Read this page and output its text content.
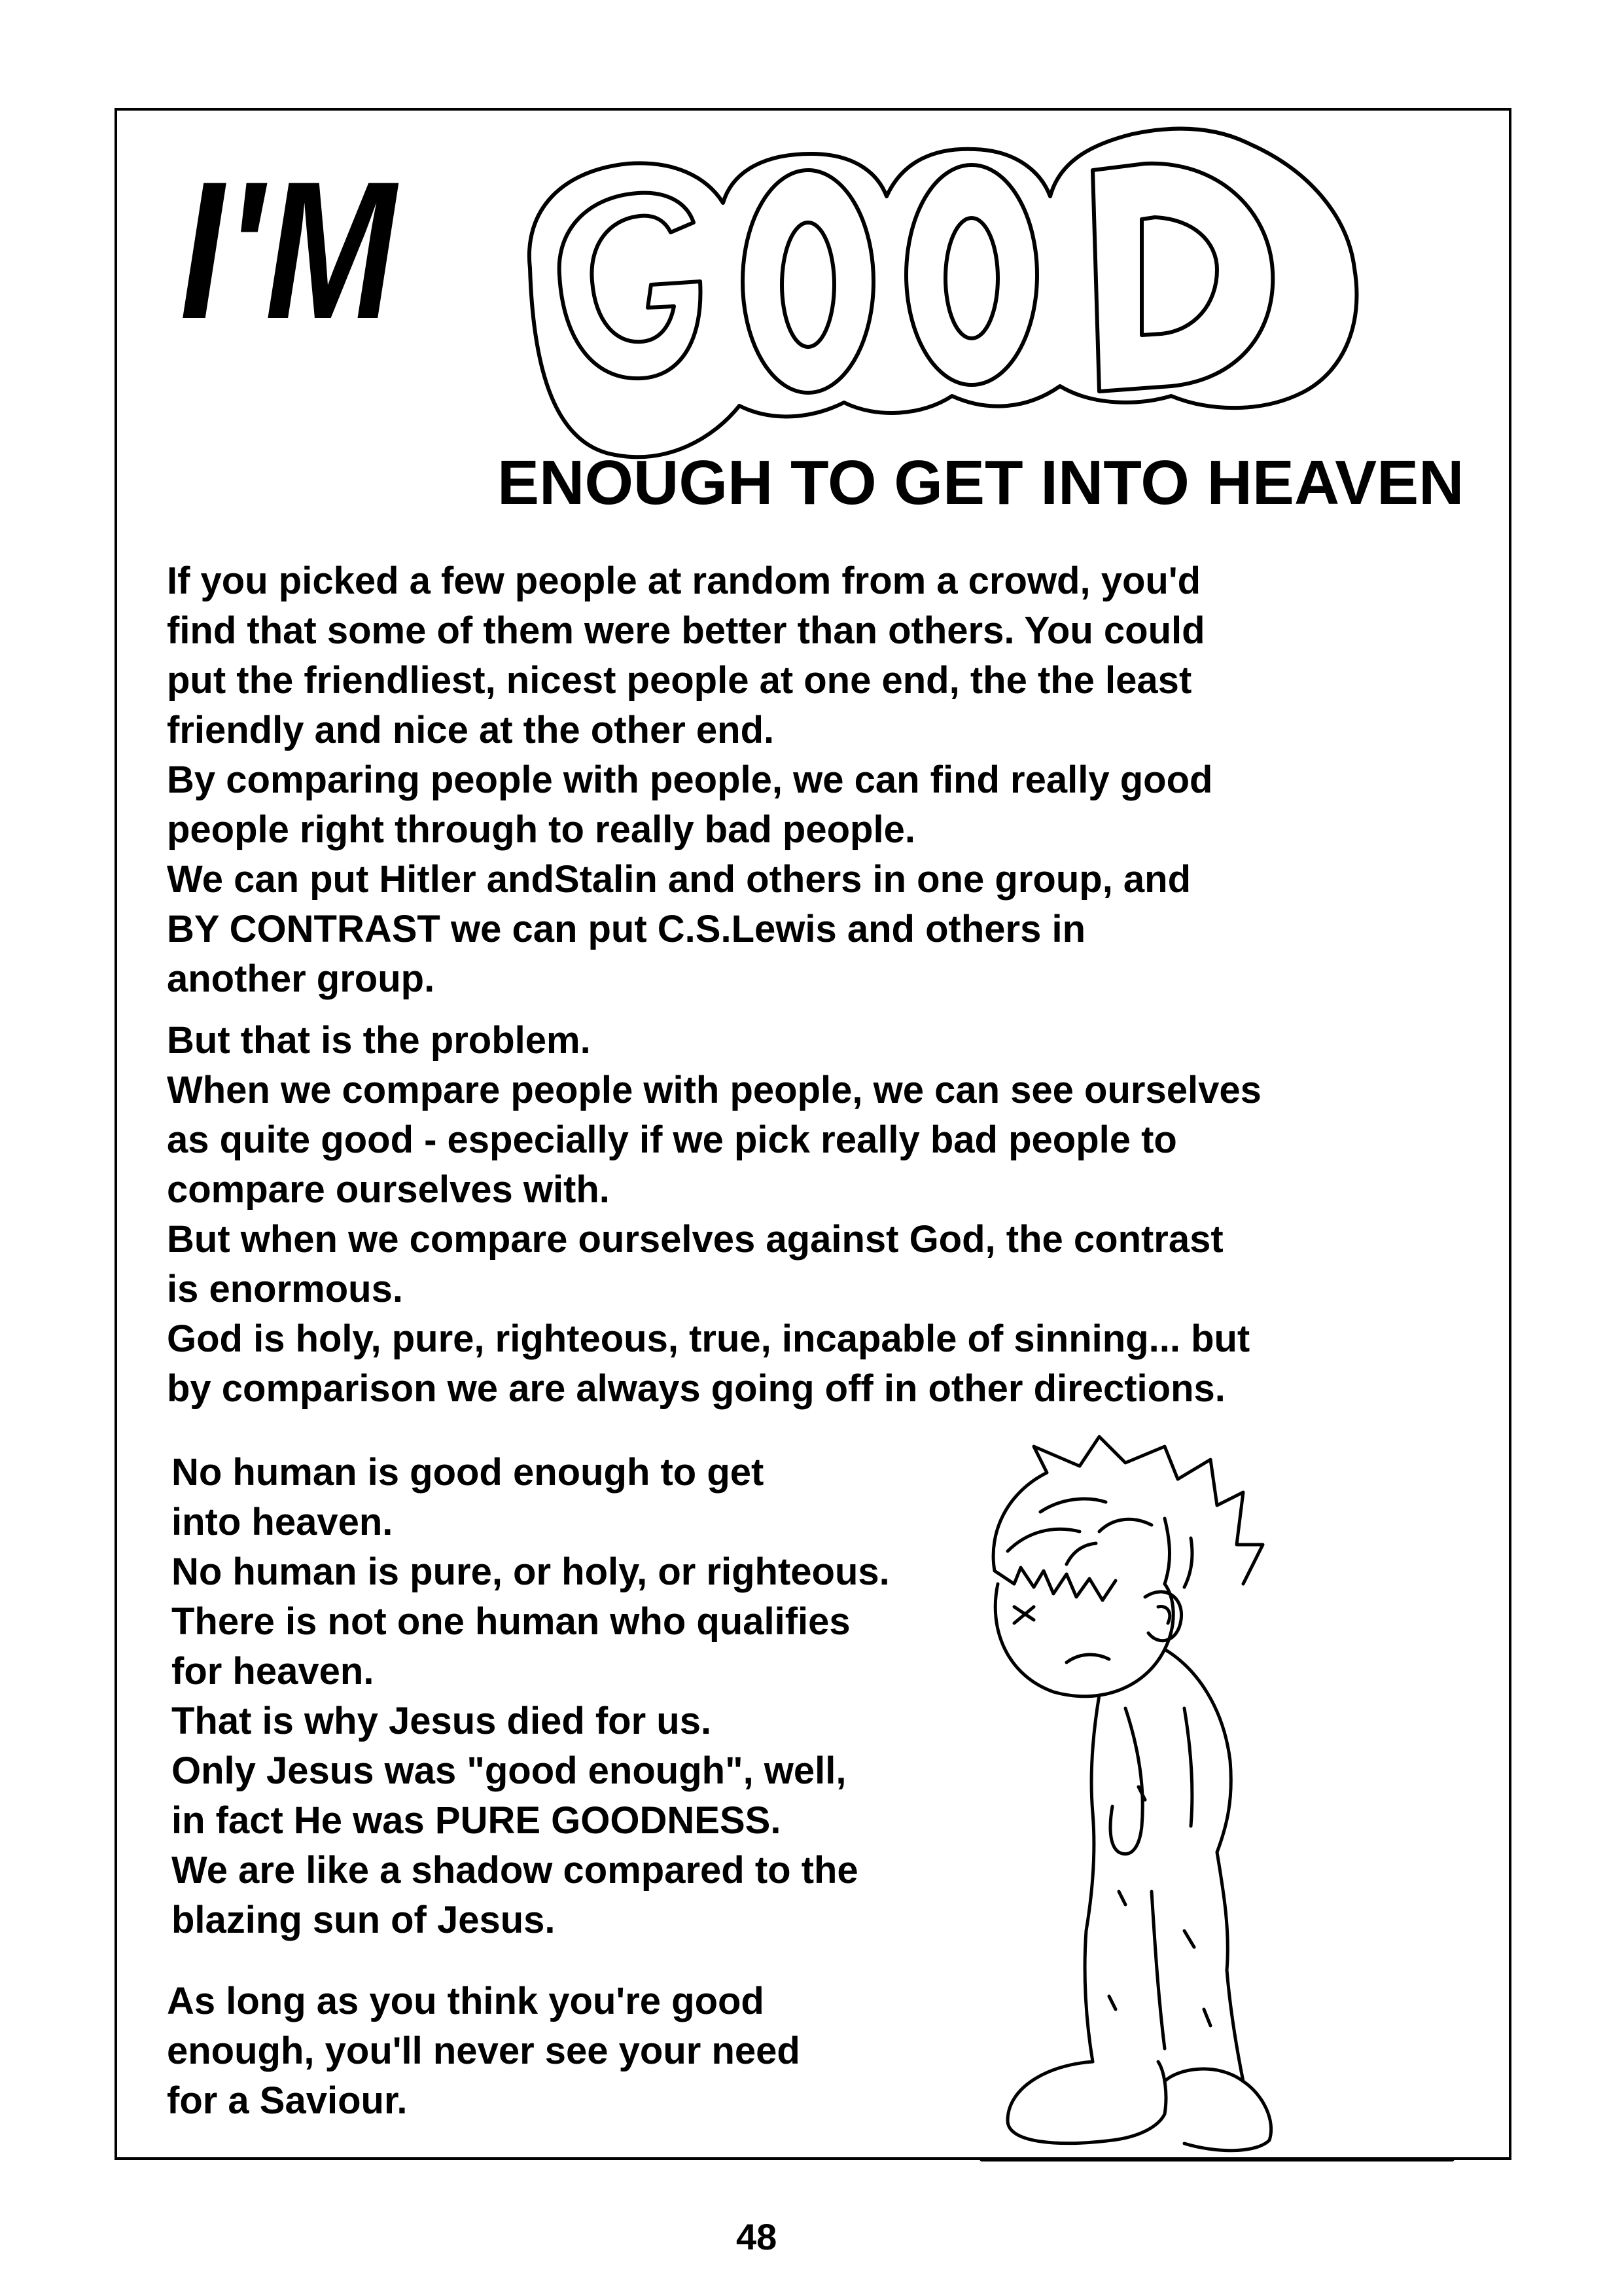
I'M
ENOUGH TO GET INTO HEAVEN
If you picked a few people at random from a crowd, you'd
find that some of them were better than others. You could
put the friendliest, nicest people at one end, the the least
friendly and nice at the other end.
By comparing people with people, we can find really good
people right through to really bad people.
We can put Hitler andStalin and others in one group, and
BY CONTRAST we can put C.S.Lewis and others in
another group.
But that is the problem.
When we compare people with people, we can see ourselves
as quite good - especially if we pick really bad people to
compare ourselves with.
But when we compare ourselves against God, the contrast
is enormous.
God is holy, pure, righteous, true, incapable of sinning... but
by comparison we are always going off in other directions.
No human is good enough to get
into heaven.
No human is pure, or holy, or righteous.
There is not one human who qualifies
for heaven.
That is why Jesus died for us.
Only Jesus was "good enough", well,
in fact He was PURE GOODNESS.
We are like a shadow compared to the
blazing sun of Jesus.
As long as you think you're good
enough, you'll never see your need
for a Saviour.
48
